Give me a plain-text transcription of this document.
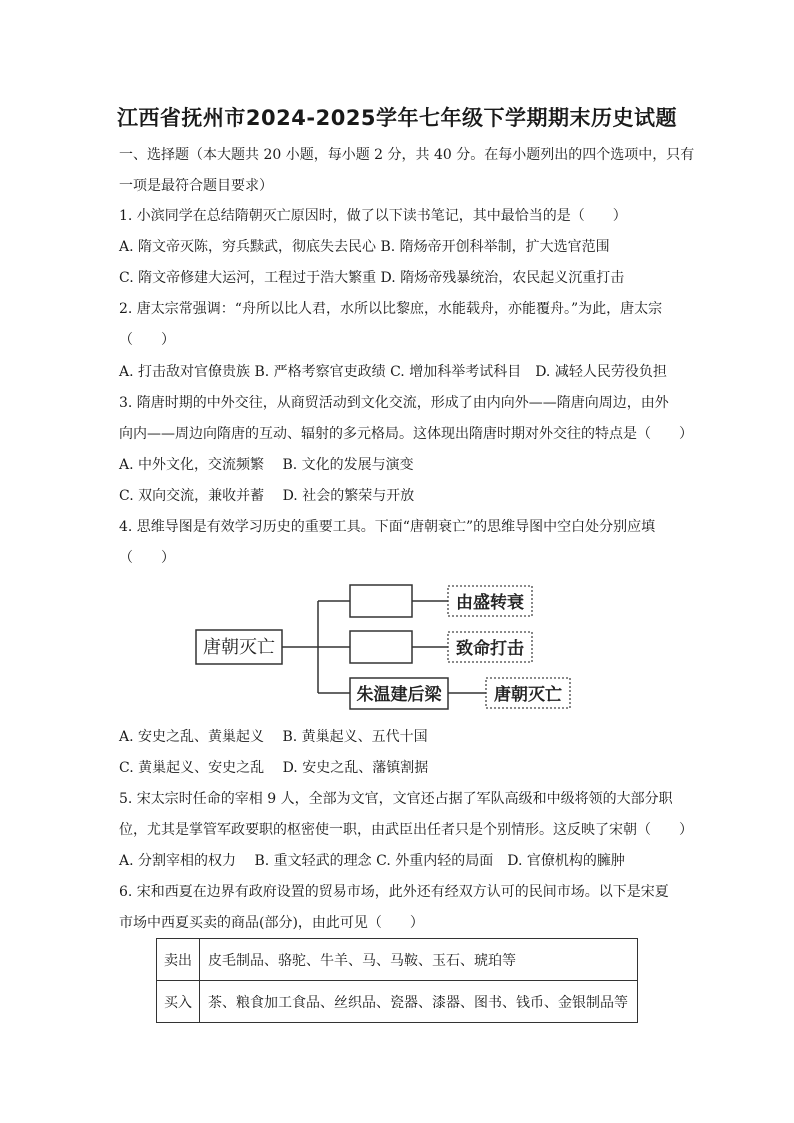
江西省抚州市2024-2025学年七年级下学期期末历史试题
一、选择题（本大题共 20 小题，每小题 2 分，共 40 分。在每小题列出的四个选项中，只有
一项是最符合题目要求）
1. 小滨同学在总结隋朝灭亡原因时，做了以下读书笔记，其中最恰当的是（　　）
A. 隋文帝灭陈，穷兵黩武，彻底失去民心 B. 隋炀帝开创科举制，扩大选官范围
C. 隋文帝修建大运河，工程过于浩大繁重 D. 隋炀帝残暴统治，农民起义沉重打击
2. 唐太宗常强调：“舟所以比人君，水所以比黎庶，水能载舟，亦能覆舟。”为此，唐太宗
（　　）
A. 打击敌对官僚贵族 B. 严格考察官吏政绩 C. 增加科举考试科目　D. 减轻人民劳役负担
3. 隋唐时期的中外交往，从商贸活动到文化交流，形成了由内向外——隋唐向周边，由外
向内——周边向隋唐的互动、辐射的多元格局。这体现出隋唐时期对外交往的特点是（　　）
A. 中外文化，交流频繁 B. 文化的发展与演变
C. 双向交流，兼收并蓄 D. 社会的繁荣与开放
4. 思维导图是有效学习历史的重要工具。下面“唐朝衰亡”的思维导图中空白处分别应填
（　　）
唐朝灭亡
朱温建后梁
由盛转衰
致命打击
唐朝灭亡
A. 安史之乱、黄巢起义 B. 黄巢起义、五代十国
C. 黄巢起义、安史之乱 D. 安史之乱、藩镇割据
5. 宋太宗时任命的宰相 9 人，全部为文官，文官还占据了军队高级和中级将领的大部分职
位，尤其是掌管军政要职的枢密使一职，由武臣出任者只是个别情形。这反映了宋朝（　　）
A. 分割宰相的权力 B. 重文轻武的理念 C. 外重内轻的局面　D. 官僚机构的臃肿
6. 宋和西夏在边界有政府设置的贸易市场，此外还有经双方认可的民间市场。以下是宋夏
市场中西夏买卖的商品(部分)，由此可见（　　）
卖出	皮毛制品、骆驼、牛羊、马、马鞍、玉石、琥珀等
买入	茶、粮食加工食品、丝织品、瓷器、漆器、图书、钱币、金银制品等
